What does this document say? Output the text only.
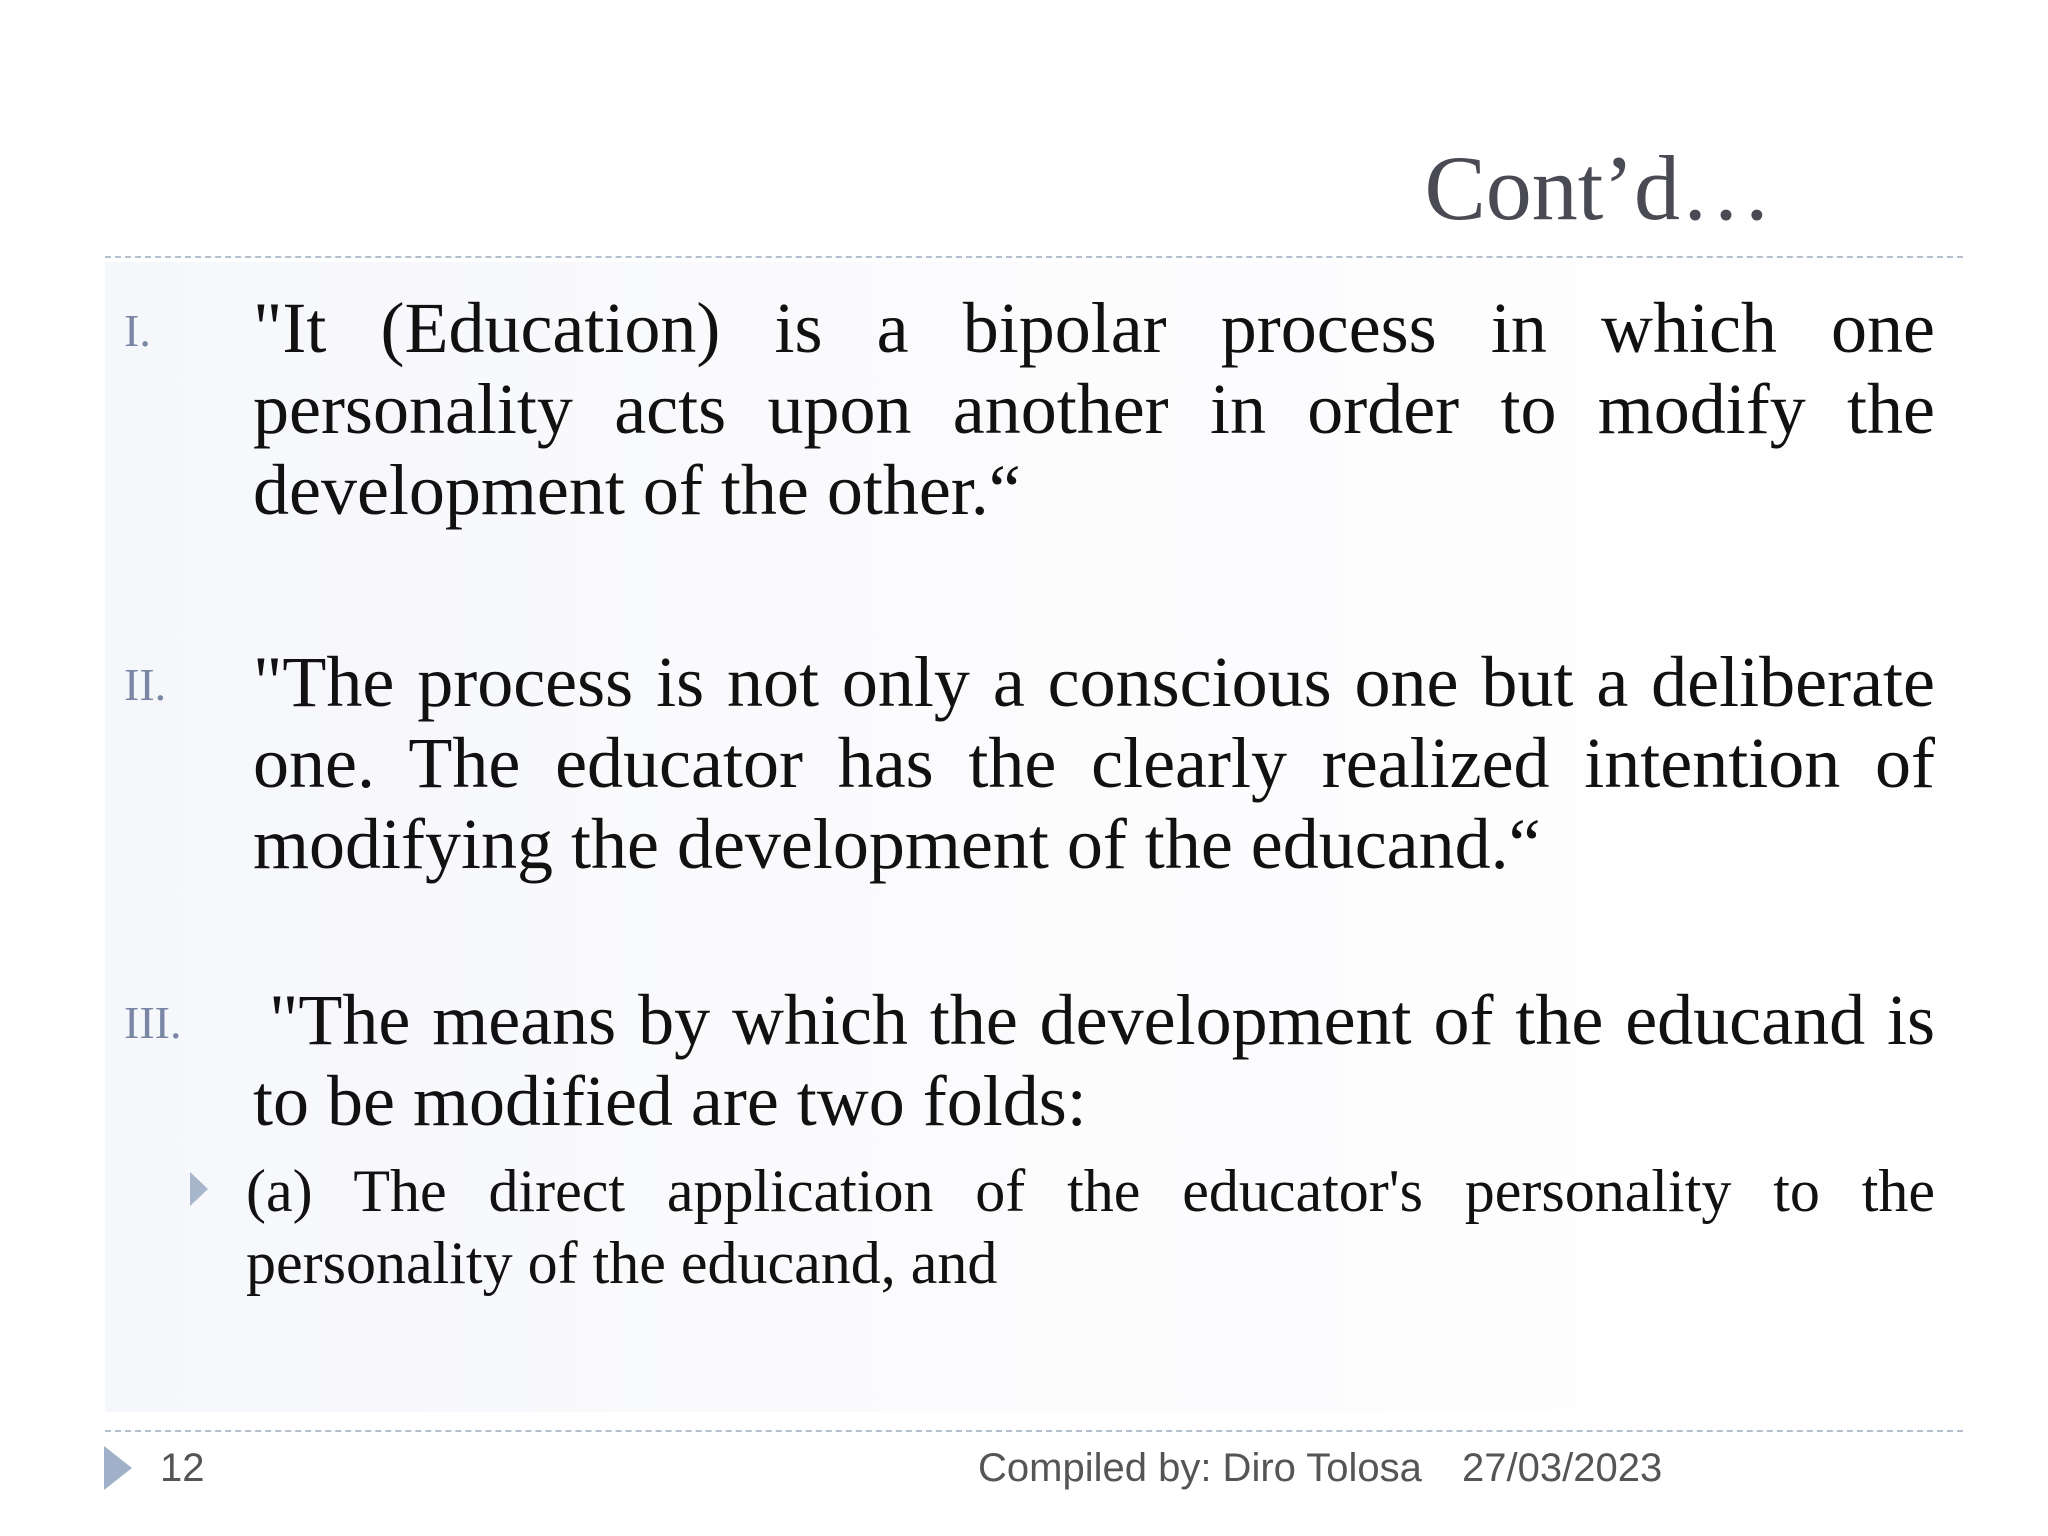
Cont’d…
I. "It (Education) is a bipolar process in which one personality acts upon another in order to modify the development of the other.“

II. "The process is not only a conscious one but a deliberate one. The educator has the clearly realized intention of modifying the development of the educand.“

III. "The means by which the development of the educand is to be modified are two folds:

(a) The direct application of the educator's personality to the personality of the educand, and

12	Compiled by: Diro Tolosa 27/03/2023
